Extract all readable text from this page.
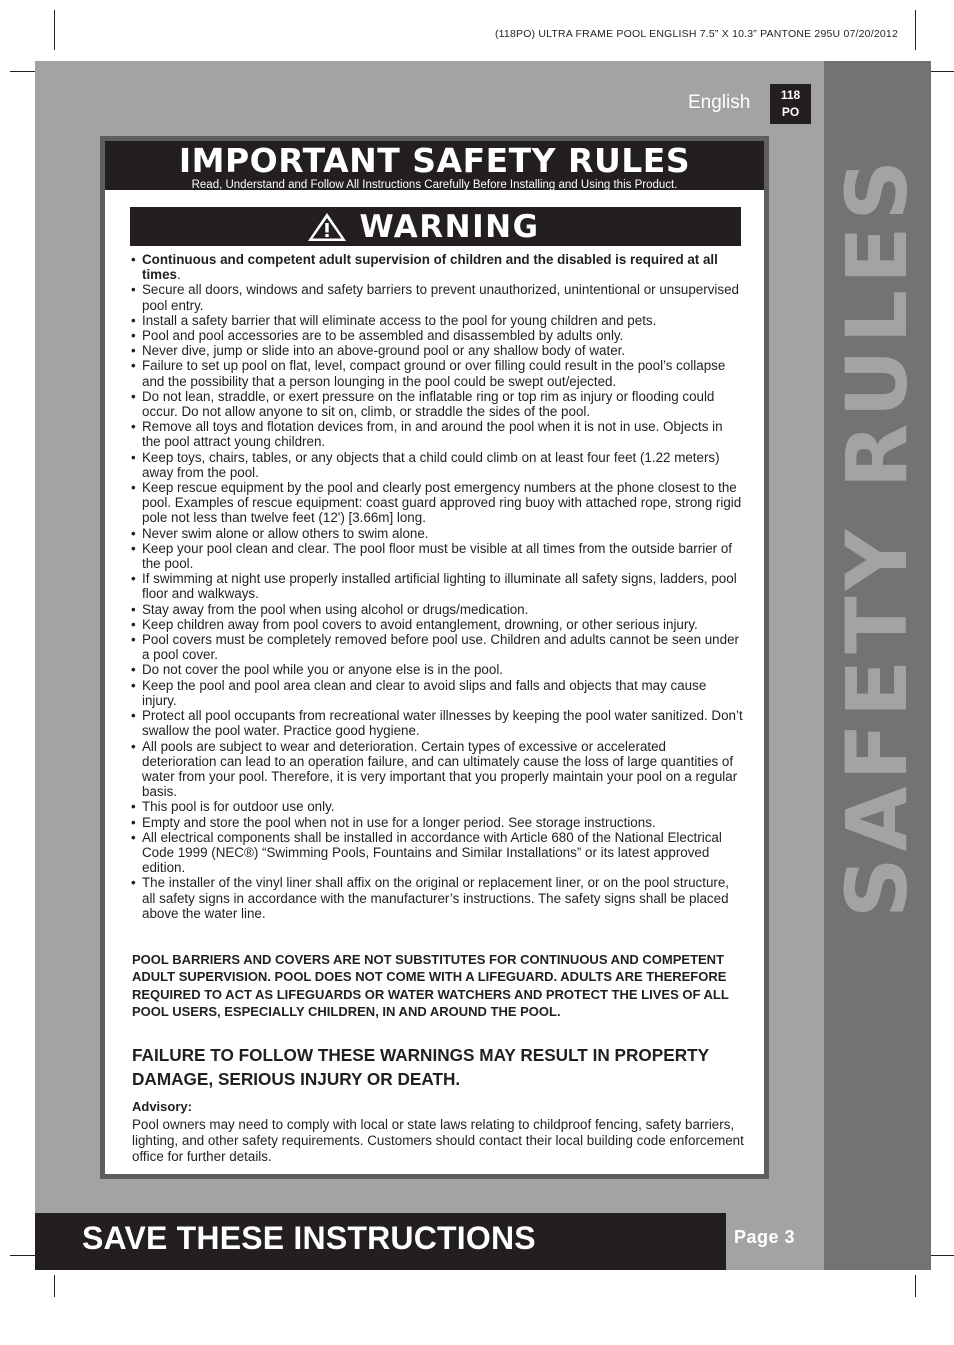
(118PO) ULTRA FRAME POOL ENGLISH 7.5” X 10.3” PANTONE 295U 07/20/2012
SAFETY RULES
English	118
PO
IMPORTANT SAFETY RULES
Read, Understand and Follow All Instructions Carefully Before Installing and Using this Product.
WARNING
• Continuous and competent adult supervision of children and the disabled is required at all times.
• Secure all doors, windows and safety barriers to prevent unauthorized, unintentional or unsupervised pool entry.
• Install a safety barrier that will eliminate access to the pool for young children and pets.
• Pool and pool accessories are to be assembled and disassembled by adults only.
• Never dive, jump or slide into an above-ground pool or any shallow body of water.
• Failure to set up pool on flat, level, compact ground or over filling could result in the pool’s collapse and the possibility that a person lounging in the pool could be swept out/ejected.
• Do not lean, straddle, or exert pressure on the inflatable ring or top rim as injury or flooding could occur. Do not allow anyone to sit on, climb, or straddle the sides of the pool.
• Remove all toys and flotation devices from, in and around the pool when it is not in use. Objects in the pool attract young children.
• Keep toys, chairs, tables, or any objects that a child could climb on at least four feet (1.22 meters) away from the pool.
• Keep rescue equipment by the pool and clearly post emergency numbers at the phone closest to the pool. Examples of rescue equipment: coast guard approved ring buoy with attached rope, strong rigid pole not less than twelve feet (12') [3.66m] long.
• Never swim alone or allow others to swim alone.
• Keep your pool clean and clear. The pool floor must be visible at all times from the outside barrier of the pool.
• If swimming at night use properly installed artificial lighting to illuminate all safety signs, ladders, pool floor and walkways.
• Stay away from the pool when using alcohol or drugs/medication.
• Keep children away from pool covers to avoid entanglement, drowning, or other serious injury.
• Pool covers must be completely removed before pool use. Children and adults cannot be seen under a pool cover.
• Do not cover the pool while you or anyone else is in the pool.
• Keep the pool and pool area clean and clear to avoid slips and falls and objects that may cause injury.
• Protect all pool occupants from recreational water illnesses by keeping the pool water sanitized. Don’t swallow the pool water. Practice good hygiene.
• All pools are subject to wear and deterioration. Certain types of excessive or accelerated deterioration can lead to an operation failure, and can ultimately cause the loss of large quantities of water from your pool. Therefore, it is very important that you properly maintain your pool on a regular basis.
• This pool is for outdoor use only.
• Empty and store the pool when not in use for a longer period. See storage instructions.
• All electrical components shall be installed in accordance with Article 680 of the National Electrical Code 1999 (NEC®) “Swimming Pools, Fountains and Similar Installations” or its latest approved edition.
• The installer of the vinyl liner shall affix on the original or replacement liner, or on the pool structure, all safety signs in accordance with the manufacturer’s instructions. The safety signs shall be placed above the water line.
POOL BARRIERS AND COVERS ARE NOT SUBSTITUTES FOR CONTINUOUS AND COMPETENT ADULT SUPERVISION. POOL DOES NOT COME WITH A LIFEGUARD. ADULTS ARE THEREFORE REQUIRED TO ACT AS LIFEGUARDS OR WATER WATCHERS AND PROTECT THE LIVES OF ALL POOL USERS, ESPECIALLY CHILDREN, IN AND AROUND THE POOL.
FAILURE TO FOLLOW THESE WARNINGS MAY RESULT IN PROPERTY DAMAGE, SERIOUS INJURY OR DEATH.
Advisory:
Pool owners may need to comply with local or state laws relating to childproof fencing, safety barriers, lighting, and other safety requirements. Customers should contact their local building code enforcement office for further details.
SAVE THESE INSTRUCTIONS	Page 3
